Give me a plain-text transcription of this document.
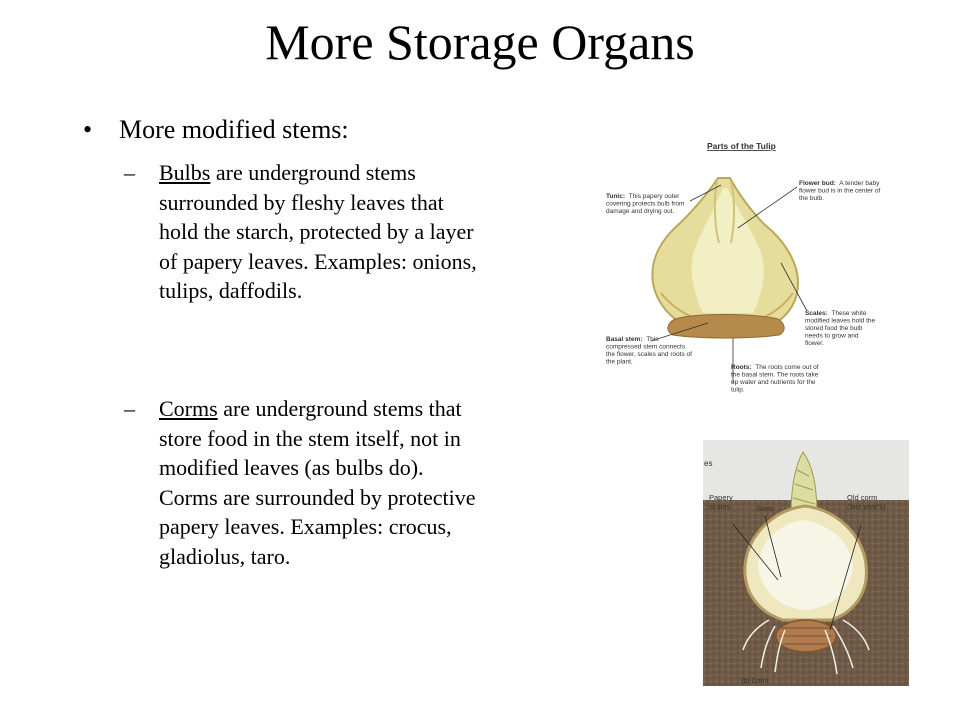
More Storage Organs
• More modified stems:
– Bulbs are underground stems surrounded by fleshy leaves that hold the starch, protected by a layer of papery leaves. Examples: onions, tulips, daffodils.
– Corms are underground stems that store food in the stem itself, not in modified leaves (as bulbs do). Corms are surrounded by protective papery leaves. Examples: crocus, gladiolus, taro.
Parts of the Tulip
Tunic: This papery outer covering protects bulb from damage and drying out.
Flower bud: A tender baby flower bud is in the center of the bulb.
Scales: These white modified leaves hold the stored food the bulb needs to grow and flower.
Basal stem: This compressed stem connects the flower, scales and roots of the plant.
Roots: The roots come out of the basal stem. The roots take up water and nutrients for the tulip.
es
Papery scales	Stem
Old corm (last year's)
(b) Corm
